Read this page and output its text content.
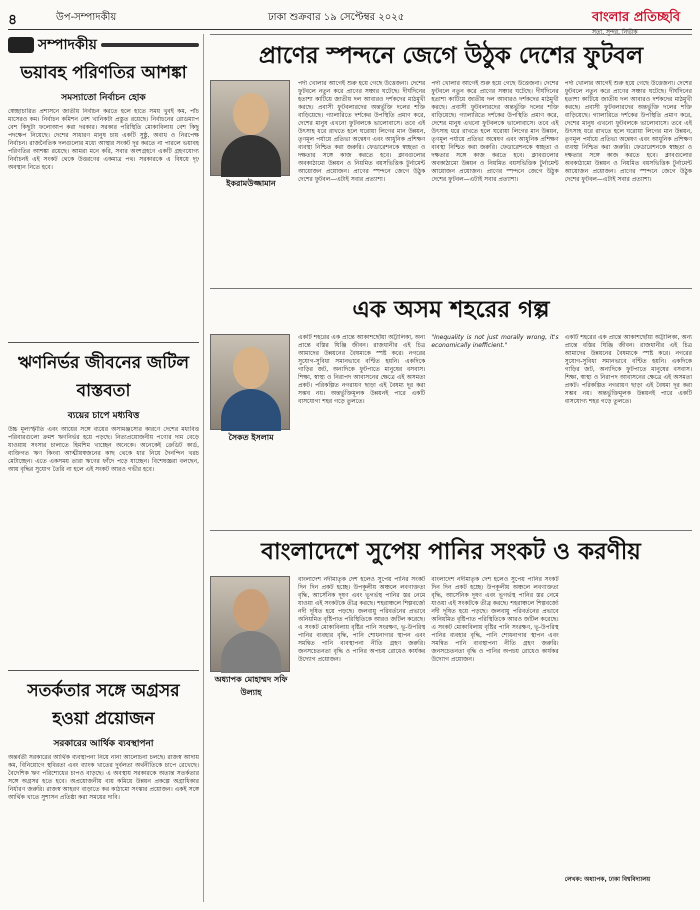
৪	উপ-সম্পাদকীয়	ঢাকা শুক্রবার ১৯ সেপ্টেম্বর ২০২৫	বাংলার প্রতিচ্ছবি
সত্য, সুন্দর, নির্ভীক
সম্পাদকীয়
ভয়াবহ পরিণতির আশঙ্কা
সমস্যাতো নির্বাচন হোক
স্বেচ্ছাচারিত প্রশাসনে জাতীয় নির্বাচন করতে হলে হাতে সময় খুবই কম, পাঁচ মাসেরও কম। নির্বাচন কমিশন বেশ খানিকটা প্রস্তুত রয়েছে। নির্বাচনের রোডম্যাপ বেশ কিছুটা ফলোআপ করা দরকার। সরকার পরিস্থিতি মোকাবিলায় বেশ কিছু পদক্ষেপ নিয়েছে। দেশের সাধারণ মানুষ চায় একটি সুষ্ঠু, অবাধ ও নিরপেক্ষ নির্বাচন। রাজনৈতিক দলগুলোর মধ্যে আস্থার সংকট দূর করতে না পারলে ভয়াবহ পরিণতির আশঙ্কা রয়েছে। আমরা মনে করি, সবার অংশগ্রহণে একটি গ্রহণযোগ্য নির্বাচনই এই সংকট থেকে উত্তরণের একমাত্র পথ। সরকারকে এ বিষয়ে দৃঢ় অবস্থান নিতে হবে।
ঋণনির্ভর জীবনের জটিল বাস্তবতা
ব্যয়ের চাপে মধ্যবিত্ত
উচ্চ মূল্যস্ফীতি এবং আয়ের সঙ্গে ব্যয়ের অসামঞ্জস্যের কারণে দেশের মধ্যবিত্ত পরিবারগুলো ক্রমশ ঋণনির্ভর হয়ে পড়ছে। নিত্যপ্রয়োজনীয় পণ্যের দাম বেড়ে যাওয়ায় সংসার চালাতে হিমশিম খাচ্ছেন অনেকে। অনেকেই ক্রেডিট কার্ড, ব্যক্তিগত ঋণ কিংবা আত্মীয়স্বজনের কাছ থেকে ধার নিয়ে দৈনন্দিন খরচ মেটাচ্ছেন। এতে একসময় তারা ঋণের ফাঁদে পড়ে যাচ্ছেন। বিশেষজ্ঞরা বলছেন, আয় বৃদ্ধির সুযোগ তৈরি না হলে এই সংকট আরও গভীর হবে।
সতর্কতার সঙ্গে অগ্রসর হওয়া প্রয়োজন
সরকারের আর্থিক ব্যবস্থাপনা
অন্তর্বর্তী সরকারের আর্থিক ব্যবস্থাপনা নিয়ে নানা আলোচনা চলছে। রাজস্ব আদায় কম, বিনিয়োগে স্থবিরতা এবং ব্যাংক খাতের দুর্বলতা অর্থনীতিকে চাপে রেখেছে। বৈদেশিক ঋণ পরিশোধের চাপও বাড়ছে। এ অবস্থায় সরকারকে অত্যন্ত সতর্কতার সঙ্গে অগ্রসর হতে হবে। অপ্রয়োজনীয় ব্যয় কমিয়ে উন্নয়ন প্রকল্পে অগ্রাধিকার নির্ধারণ জরুরি। রাজস্ব আহরণ বাড়াতে কর কাঠামো সংস্কার প্রয়োজন। একই সঙ্গে আর্থিক খাতে সুশাসন প্রতিষ্ঠা করা সময়ের দাবি।
প্রাণের স্পন্দনে জেগে উঠুক দেশের ফুটবল
ইকরামউজ্জামান
পর্দা খোলার আগেই শুরু হয়ে গেছে উত্তেজনা। দেশের ফুটবলে নতুন করে প্রাণের সঞ্চার ঘটেছে। দীর্ঘদিনের হতাশা কাটিয়ে জাতীয় দল আবারও দর্শকদের মাঠমুখী করছে। প্রবাসী ফুটবলারদের অন্তর্ভুক্তি দলের শক্তি বাড়িয়েছে। গ্যালারিতে দর্শকের উপস্থিতি প্রমাণ করে, দেশের মানুষ এখনো ফুটবলকে ভালোবাসে। তবে এই উৎসাহ ধরে রাখতে হলে ঘরোয়া লিগের মান উন্নয়ন, তৃণমূল পর্যায়ে প্রতিভা অন্বেষণ এবং আধুনিক প্রশিক্ষণ ব্যবস্থা নিশ্চিত করা জরুরি। ফেডারেশনকে স্বচ্ছতা ও দক্ষতার সঙ্গে কাজ করতে হবে। ক্লাবগুলোর অবকাঠামো উন্নয়ন ও নিয়মিত বয়সভিত্তিক টুর্নামেন্ট আয়োজন প্রয়োজন। প্রাণের স্পন্দনে জেগে উঠুক দেশের ফুটবল—এটাই সবার প্রত্যাশা।
পর্দা খোলার আগেই শুরু হয়ে গেছে উত্তেজনা। দেশের ফুটবলে নতুন করে প্রাণের সঞ্চার ঘটেছে। দীর্ঘদিনের হতাশা কাটিয়ে জাতীয় দল আবারও দর্শকদের মাঠমুখী করছে। প্রবাসী ফুটবলারদের অন্তর্ভুক্তি দলের শক্তি বাড়িয়েছে। গ্যালারিতে দর্শকের উপস্থিতি প্রমাণ করে, দেশের মানুষ এখনো ফুটবলকে ভালোবাসে। তবে এই উৎসাহ ধরে রাখতে হলে ঘরোয়া লিগের মান উন্নয়ন, তৃণমূল পর্যায়ে প্রতিভা অন্বেষণ এবং আধুনিক প্রশিক্ষণ ব্যবস্থা নিশ্চিত করা জরুরি। ফেডারেশনকে স্বচ্ছতা ও দক্ষতার সঙ্গে কাজ করতে হবে। ক্লাবগুলোর অবকাঠামো উন্নয়ন ও নিয়মিত বয়সভিত্তিক টুর্নামেন্ট আয়োজন প্রয়োজন। প্রাণের স্পন্দনে জেগে উঠুক দেশের ফুটবল—এটাই সবার প্রত্যাশা।
পর্দা খোলার আগেই শুরু হয়ে গেছে উত্তেজনা। দেশের ফুটবলে নতুন করে প্রাণের সঞ্চার ঘটেছে। দীর্ঘদিনের হতাশা কাটিয়ে জাতীয় দল আবারও দর্শকদের মাঠমুখী করছে। প্রবাসী ফুটবলারদের অন্তর্ভুক্তি দলের শক্তি বাড়িয়েছে। গ্যালারিতে দর্শকের উপস্থিতি প্রমাণ করে, দেশের মানুষ এখনো ফুটবলকে ভালোবাসে। তবে এই উৎসাহ ধরে রাখতে হলে ঘরোয়া লিগের মান উন্নয়ন, তৃণমূল পর্যায়ে প্রতিভা অন্বেষণ এবং আধুনিক প্রশিক্ষণ ব্যবস্থা নিশ্চিত করা জরুরি। ফেডারেশনকে স্বচ্ছতা ও দক্ষতার সঙ্গে কাজ করতে হবে। ক্লাবগুলোর অবকাঠামো উন্নয়ন ও নিয়মিত বয়সভিত্তিক টুর্নামেন্ট আয়োজন প্রয়োজন। প্রাণের স্পন্দনে জেগে উঠুক দেশের ফুটবল—এটাই সবার প্রত্যাশা।
এক অসম শহরের গল্প
সৈকত ইসলাম
একটি শহরের এক প্রান্তে আকাশছোঁয়া অট্টালিকা, অন্য প্রান্তে বস্তির ঘিঞ্জি জীবন। রাজধানীর এই চিত্র আমাদের উন্নয়নের বৈষম্যকে স্পষ্ট করে। নগরের সুযোগ-সুবিধা সমানভাবে বণ্টিত হয়নি। একদিকে গাড়ির জট, অন্যদিকে ফুটপাতে মানুষের বসবাস। শিক্ষা, স্বাস্থ্য ও নিরাপদ আবাসনের ক্ষেত্রে এই অসমতা প্রকট। পরিকল্পিত নগরায়ণ ছাড়া এই বৈষম্য দূর করা সম্ভব নয়। অন্তর্ভুক্তিমূলক উন্নয়নই পারে একটি বাসযোগ্য শহর গড়ে তুলতে।
"Inequality is not just morally wrong, it's economically inefficient."
একটি শহরের এক প্রান্তে আকাশছোঁয়া অট্টালিকা, অন্য প্রান্তে বস্তির ঘিঞ্জি জীবন। রাজধানীর এই চিত্র আমাদের উন্নয়নের বৈষম্যকে স্পষ্ট করে। নগরের সুযোগ-সুবিধা সমানভাবে বণ্টিত হয়নি। একদিকে গাড়ির জট, অন্যদিকে ফুটপাতে মানুষের বসবাস। শিক্ষা, স্বাস্থ্য ও নিরাপদ আবাসনের ক্ষেত্রে এই অসমতা প্রকট। পরিকল্পিত নগরায়ণ ছাড়া এই বৈষম্য দূর করা সম্ভব নয়। অন্তর্ভুক্তিমূলক উন্নয়নই পারে একটি বাসযোগ্য শহর গড়ে তুলতে।
বাংলাদেশে সুপেয় পানির সংকট ও করণীয়
অধ্যাপক মোহাম্মদ সফি উল্যাহ
বাংলাদেশ নদীমাতৃক দেশ হলেও সুপেয় পানির সংকট দিন দিন প্রকট হচ্ছে। উপকূলীয় অঞ্চলে লবণাক্ততা বৃদ্ধি, আর্সেনিক দূষণ এবং ভূগর্ভস্থ পানির স্তর নেমে যাওয়া এই সংকটকে তীব্র করছে। শহরাঞ্চলে শিল্পবর্জ্যে নদী দূষিত হয়ে পড়ছে। জলবায়ু পরিবর্তনের প্রভাবে অনিয়মিত বৃষ্টিপাত পরিস্থিতিকে আরও জটিল করেছে। এ সংকট মোকাবিলায় বৃষ্টির পানি সংরক্ষণ, ভূ-উপরিস্থ পানির ব্যবহার বৃদ্ধি, পানি শোধনাগার স্থাপন এবং সমন্বিত পানি ব্যবস্থাপনা নীতি গ্রহণ জরুরি। জনসচেতনতা বৃদ্ধি ও পানির অপচয় রোধেও কার্যকর উদ্যোগ প্রয়োজন।
বাংলাদেশ নদীমাতৃক দেশ হলেও সুপেয় পানির সংকট দিন দিন প্রকট হচ্ছে। উপকূলীয় অঞ্চলে লবণাক্ততা বৃদ্ধি, আর্সেনিক দূষণ এবং ভূগর্ভস্থ পানির স্তর নেমে যাওয়া এই সংকটকে তীব্র করছে। শহরাঞ্চলে শিল্পবর্জ্যে নদী দূষিত হয়ে পড়ছে। জলবায়ু পরিবর্তনের প্রভাবে অনিয়মিত বৃষ্টিপাত পরিস্থিতিকে আরও জটিল করেছে। এ সংকট মোকাবিলায় বৃষ্টির পানি সংরক্ষণ, ভূ-উপরিস্থ পানির ব্যবহার বৃদ্ধি, পানি শোধনাগার স্থাপন এবং সমন্বিত পানি ব্যবস্থাপনা নীতি গ্রহণ জরুরি। জনসচেতনতা বৃদ্ধি ও পানির অপচয় রোধেও কার্যকর উদ্যোগ প্রয়োজন।
লেখক: অধ্যাপক, ঢাকা বিশ্ববিদ্যালয়
